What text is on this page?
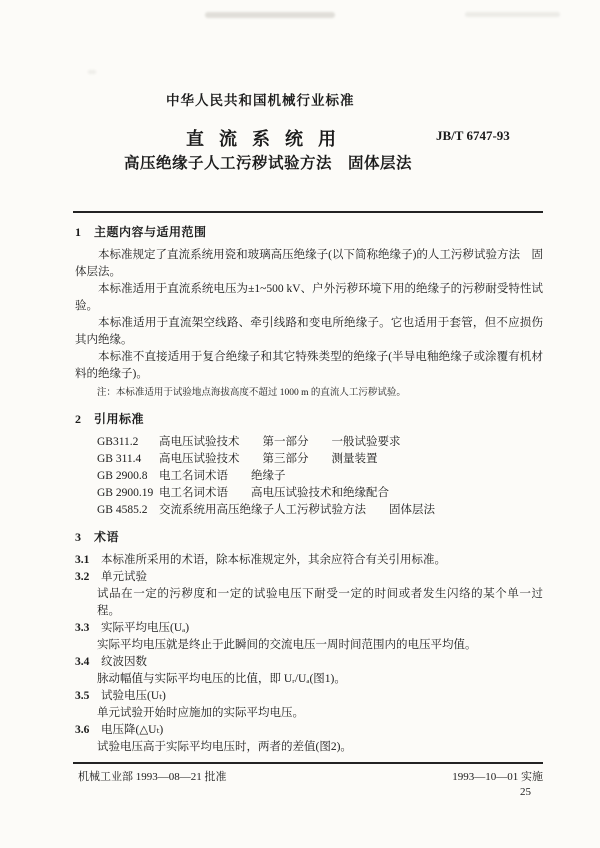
中华人民共和国机械行业标准
直流系统用	JB/T 6747-93
高压绝缘子人工污秽试验方法　固体层法
1　主题内容与适用范围

本标准规定了直流系统用瓷和玻璃高压绝缘子(以下简称绝缘子)的人工污秽试验方法　固体层法。

本标准适用于直流系统电压为±1~500 kV、户外污秽环境下用的绝缘子的污秽耐受特性试验。

本标准适用于直流架空线路、牵引线路和变电所绝缘子。它也适用于套管，但不应损伤其内绝缘。

本标准不直接适用于复合绝缘子和其它特殊类型的绝缘子(半导电釉绝缘子或涂覆有机材料的绝缘子)。

注：本标准适用于试验地点海拔高度不超过 1000 m 的直流人工污秽试验。

2　引用标准
GB311.2	高电压试验技术　　第一部分　　一般试验要求
GB 311.4	高电压试验技术　　第三部分　　测量装置
GB 2900.8	电工名词术语　　绝缘子
GB 2900.19 电工名词术语　　高电压试验技术和绝缘配合
GB 4585.2	交流系统用高压绝缘子人工污秽试验方法　　固体层法
3　术语
3.1	本标准所采用的术语，除本标准规定外，其余应符合有关引用标准。
3.2	单元试验
试品在一定的污秽度和一定的试验电压下耐受一定的时间或者发生闪络的某个单一过程。
3.3	实际平均电压(Uₐ)
实际平均电压就是终止于此瞬间的交流电压一周时间范围内的电压平均值。
3.4	纹波因数
脉动幅值与实际平均电压的比值，即 Uᵣ/Uₐ(图1)。
3.5	试验电压(Uₜ)
单元试验开始时应施加的实际平均电压。
3.6	电压降(△Uₜ)
试验电压高于实际平均电压时，两者的差值(图2)。
机械工业部 1993—08—21 批准	1993—10—01 实施
25
